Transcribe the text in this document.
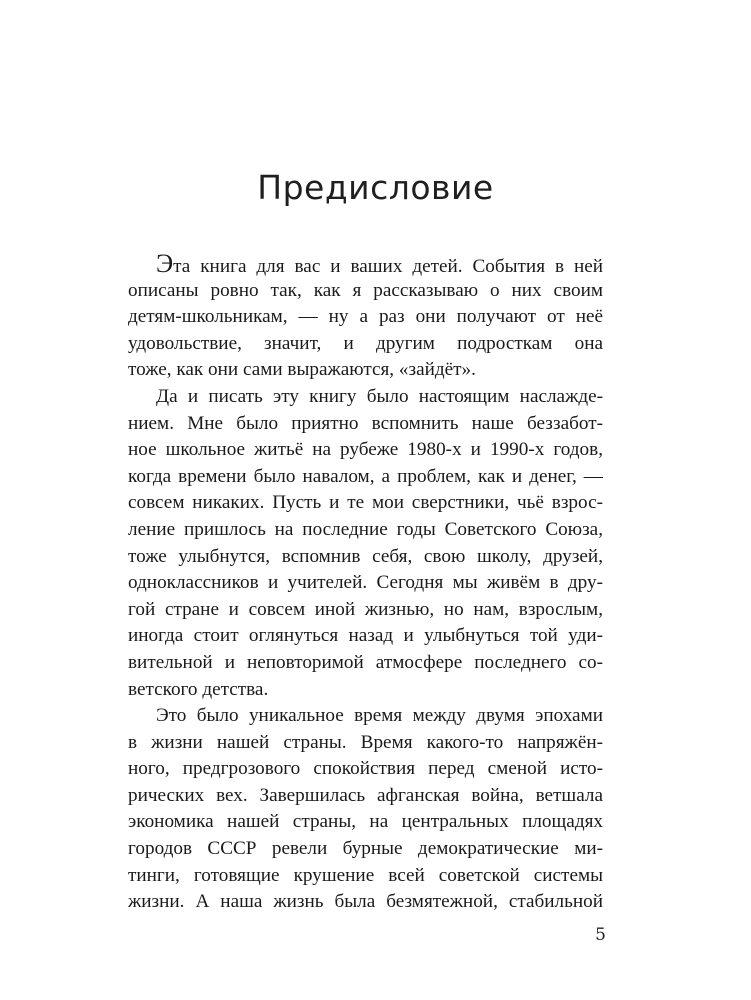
Предисловие
Эта книга для вас и ваших детей. События в ней
описаны ровно так, как я рассказываю о них своим
детям-школьникам, — ну а раз они получают от неё
удовольствие, значит, и другим подросткам она
тоже, как они сами выражаются, «зайдёт».
Да и писать эту книгу было настоящим наслажде-
нием. Мне было приятно вспомнить наше беззабот-
ное школьное житьё на рубеже 1980-х и 1990-х годов,
когда времени было навалом, а проблем, как и денег, —
совсем никаких. Пусть и те мои сверстники, чьё взрос-
ление пришлось на последние годы Советского Союза,
тоже улыбнутся, вспомнив себя, свою школу, друзей,
одноклассников и учителей. Сегодня мы живём в дру-
гой стране и совсем иной жизнью, но нам, взрослым,
иногда стоит оглянуться назад и улыбнуться той уди-
вительной и неповторимой атмосфере последнего со-
ветского детства.
Это было уникальное время между двумя эпохами
в жизни нашей страны. Время какого-то напряжён-
ного, предгрозового спокойствия перед сменой исто-
рических вех. Завершилась афганская война, ветшала
экономика нашей страны, на центральных площадях
городов СССР ревели бурные демократические ми-
тинги, готовящие крушение всей советской системы
жизни. А наша жизнь была безмятежной, стабильной
5
